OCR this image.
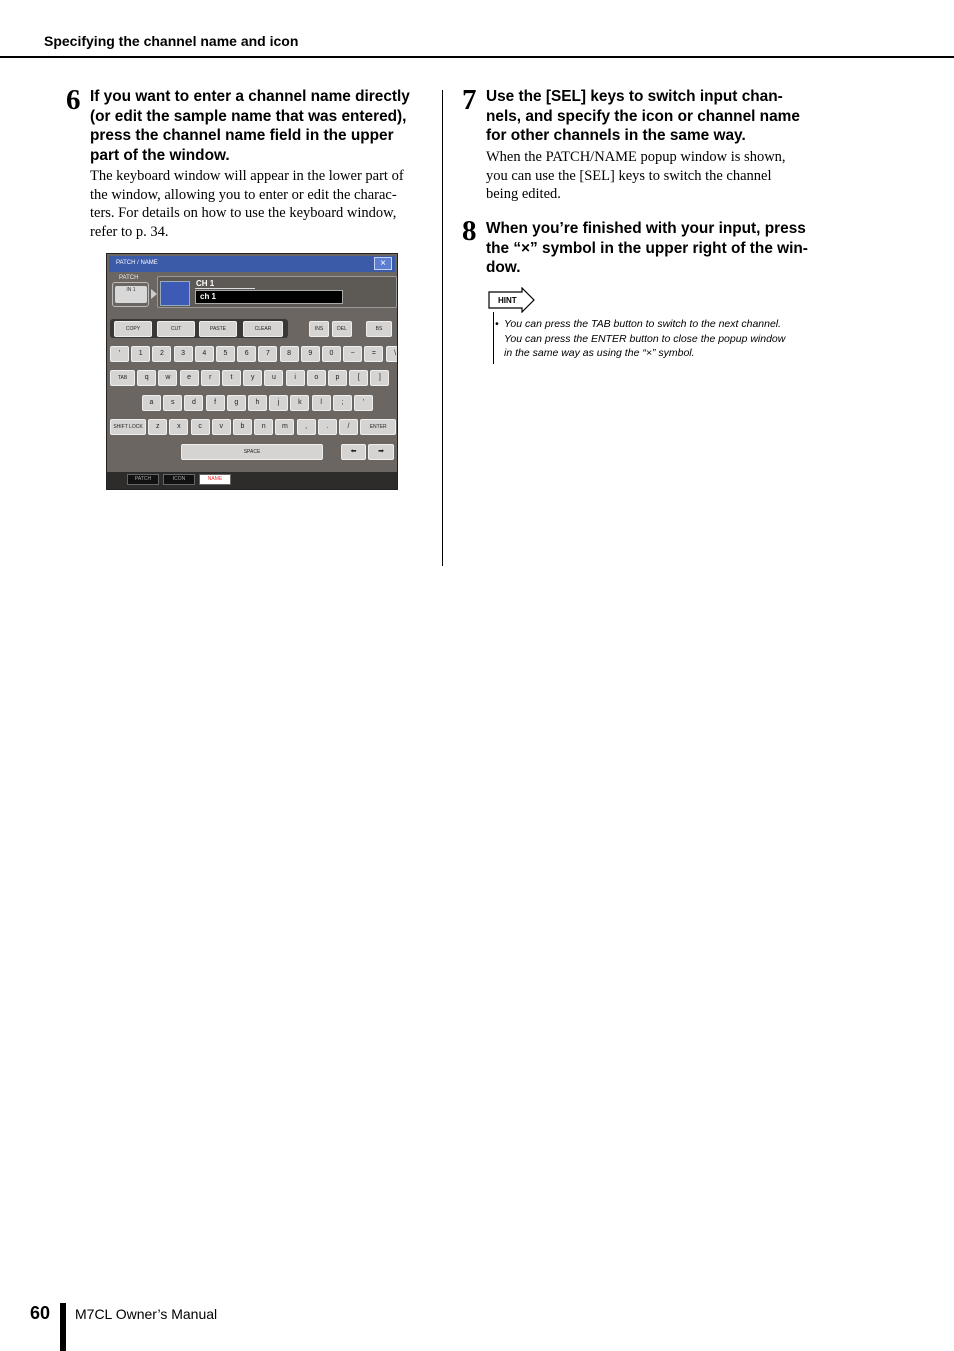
Specifying the channel name and icon
6 If you want to enter a channel name directly
(or edit the sample name that was entered),
press the channel name field in the upper
part of the window.
The keyboard window will appear in the lower part of
the window, allowing you to enter or edit the charac-
ters. For details on how to use the keyboard window,
refer to p. 34.
PATCH / NAME	×
PATCH
IN 1
CH 1
ch 1
COPY	CUT	PASTE	CLEAR	INS	DEL	BS
SPACE	⬅	➡
PATCH	ICON	NAME
'	1	2	3	4	5	6	7	8	9	0	−	=	\
TAB	q	w	e	r	t	y	u	i	o	p	[	]
a	s	d	f	g	h	j	k	l	;	'
SHIFT LOCK	z	x	c	v	b	n	m	,	.	/	ENTER
7 Use the [SEL] keys to switch input chan-
nels, and specify the icon or channel name
for other channels in the same way.
When the PATCH/NAME popup window is shown,
you can use the [SEL] keys to switch the channel
being edited.
8 When you’re finished with your input, press
the “×” symbol in the upper right of the win-
dow.
HINT
• You can press the TAB button to switch to the next channel.
You can press the ENTER button to close the popup window
in the same way as using the “×” symbol.
60 M7CL Owner’s Manual
